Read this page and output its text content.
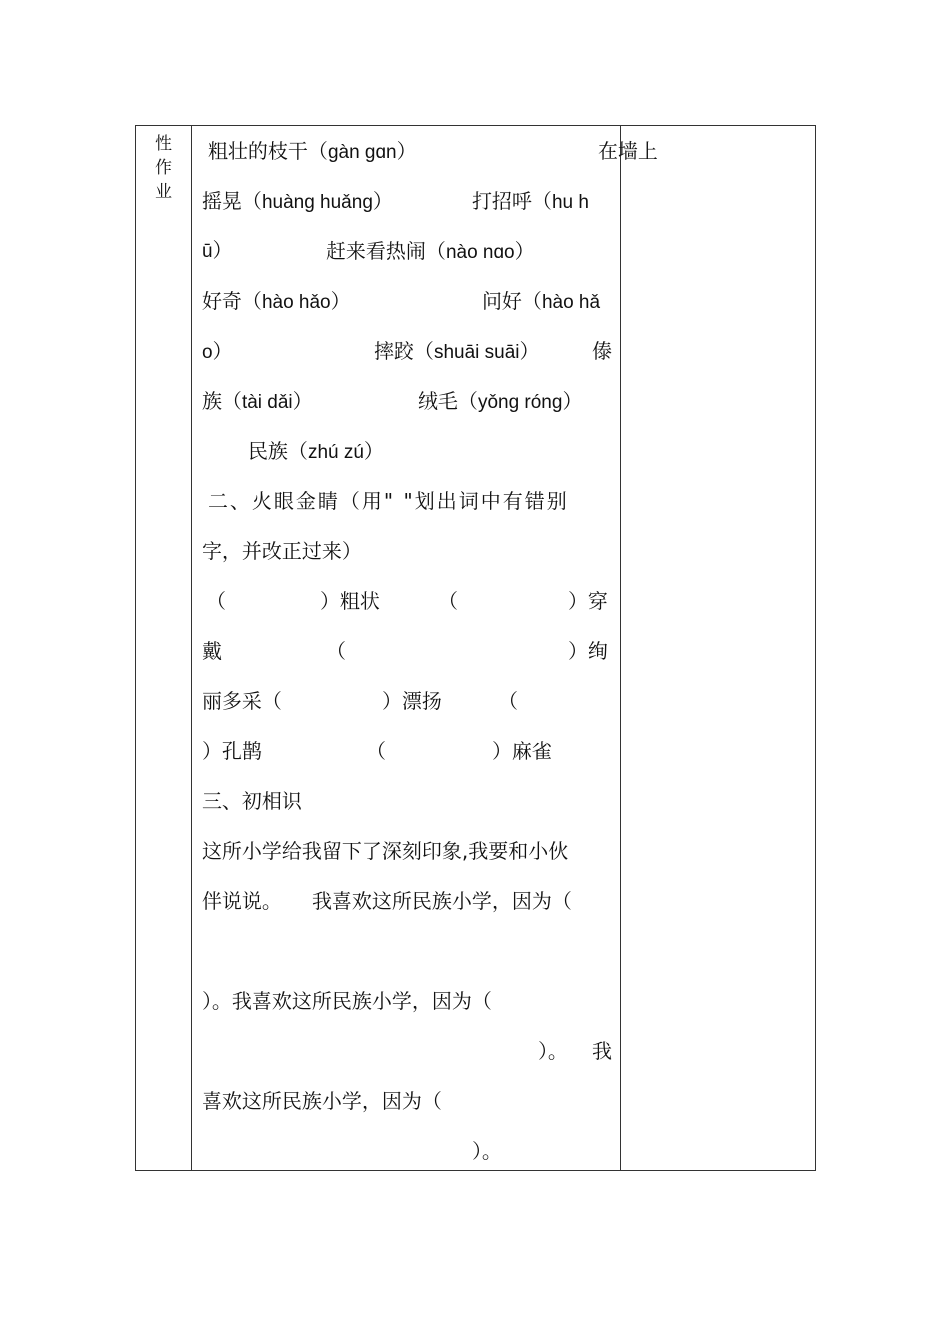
性作业

粗壮的枝干（gàn gɑn）	在墙上
摇晃（huàng huǎng）	打招呼（hu h
ū）	赶来看热闹（nào nɑo）
好奇（hào hǎo）	问好（hào hǎ
o）	摔跤（shuāi suāi）	傣
族（tài dǎi）	绒毛（yǒng róng）
民族（zhú zú）
二、火眼金睛（用" "划出词中有错别
字，并改正过来）
（	）粗状	（	）穿
戴	（	）绚
丽多采（	）漂扬	（
）孔鹊	（	）麻雀
三、初相识
这所小学给我留下了深刻印象,我要和小伙
伴说说。 我喜欢这所民族小学，因为（
）。我喜欢这所民族小学，因为（
）。 我
喜欢这所民族小学，因为（
）。
